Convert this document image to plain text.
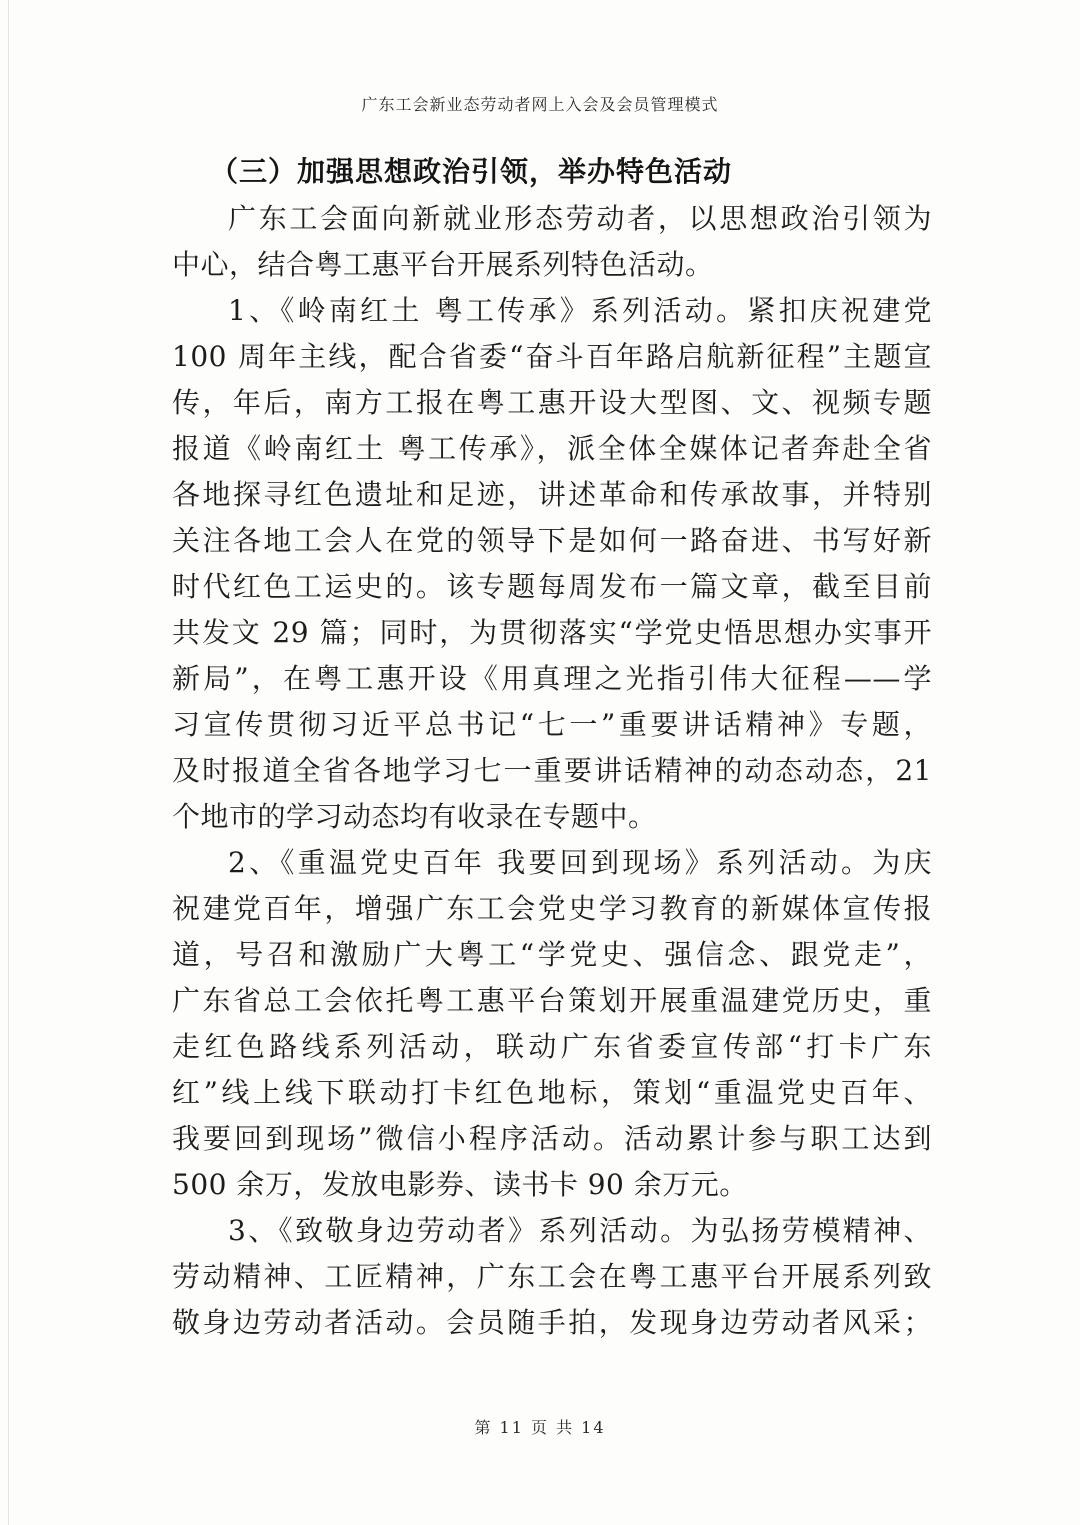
广东工会新业态劳动者网上入会及会员管理模式
（三）加强思想政治引领，举办特色活动
广东工会面向新就业形态劳动者，以思想政治引领为
中心，结合粤工惠平台开展系列特色活动。
1、《岭南红土 粤工传承》系列活动。紧扣庆祝建党
100 周年主线，配合省委“奋斗百年路启航新征程”主题宣
传，年后，南方工报在粤工惠开设大型图、文、视频专题
报道《岭南红土 粤工传承》，派全体全媒体记者奔赴全省
各地探寻红色遗址和足迹，讲述革命和传承故事，并特别
关注各地工会人在党的领导下是如何一路奋进、书写好新
时代红色工运史的。该专题每周发布一篇文章，截至目前
共发文 29 篇；同时，为贯彻落实“学党史悟思想办实事开
新局”，在粤工惠开设《用真理之光指引伟大征程——学
习宣传贯彻习近平总书记“七一”重要讲话精神》专题，
及时报道全省各地学习七一重要讲话精神的动态动态，21
个地市的学习动态均有收录在专题中。
2、《重温党史百年 我要回到现场》系列活动。为庆
祝建党百年，增强广东工会党史学习教育的新媒体宣传报
道，号召和激励广大粤工“学党史、强信念、跟党走”，
广东省总工会依托粤工惠平台策划开展重温建党历史，重
走红色路线系列活动，联动广东省委宣传部“打卡广东
红”线上线下联动打卡红色地标，策划“重温党史百年、
我要回到现场”微信小程序活动。活动累计参与职工达到
500 余万，发放电影券、读书卡 90 余万元。
3、《致敬身边劳动者》系列活动。为弘扬劳模精神、
劳动精神、工匠精神，广东工会在粤工惠平台开展系列致
敬身边劳动者活动。会员随手拍，发现身边劳动者风采；
第 11 页 共 14
